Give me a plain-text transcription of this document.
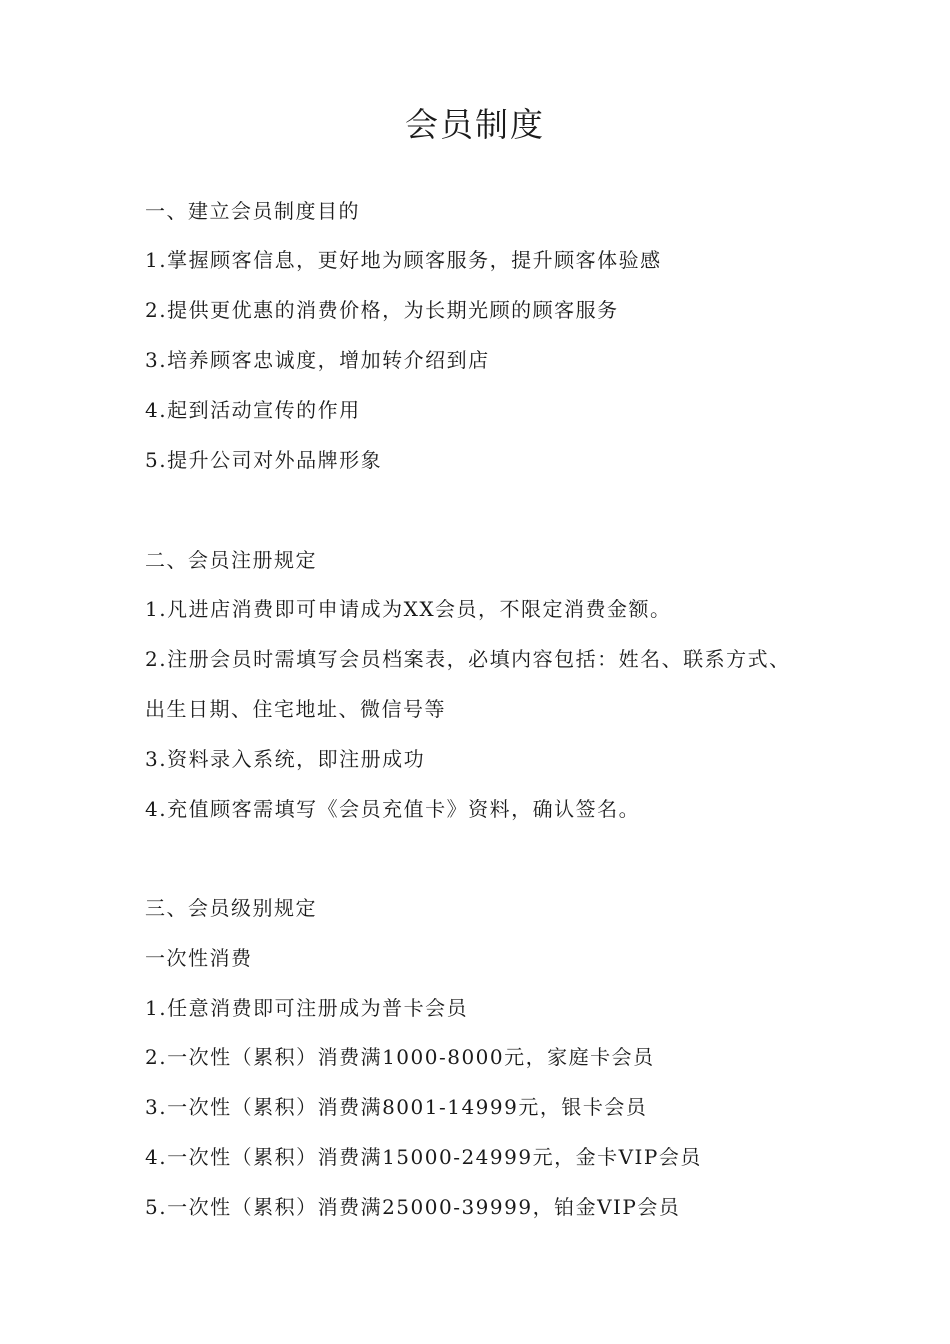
会员制度
一、建立会员制度目的
1.掌握顾客信息，更好地为顾客服务，提升顾客体验感
2.提供更优惠的消费价格，为长期光顾的顾客服务
3.培养顾客忠诚度，增加转介绍到店
4.起到活动宣传的作用
5.提升公司对外品牌形象
二、会员注册规定
1.凡进店消费即可申请成为XX会员，不限定消费金额。
2.注册会员时需填写会员档案表，必填内容包括：姓名、联系方式、
出生日期、住宅地址、微信号等
3.资料录入系统，即注册成功
4.充值顾客需填写《会员充值卡》资料，确认签名。
三、会员级别规定
一次性消费
1.任意消费即可注册成为普卡会员
2.一次性（累积）消费满1000-8000元，家庭卡会员
3.一次性（累积）消费满8001-14999元，银卡会员
4.一次性（累积）消费满15000-24999元，金卡VIP会员
5.一次性（累积）消费满25000-39999，铂金VIP会员
